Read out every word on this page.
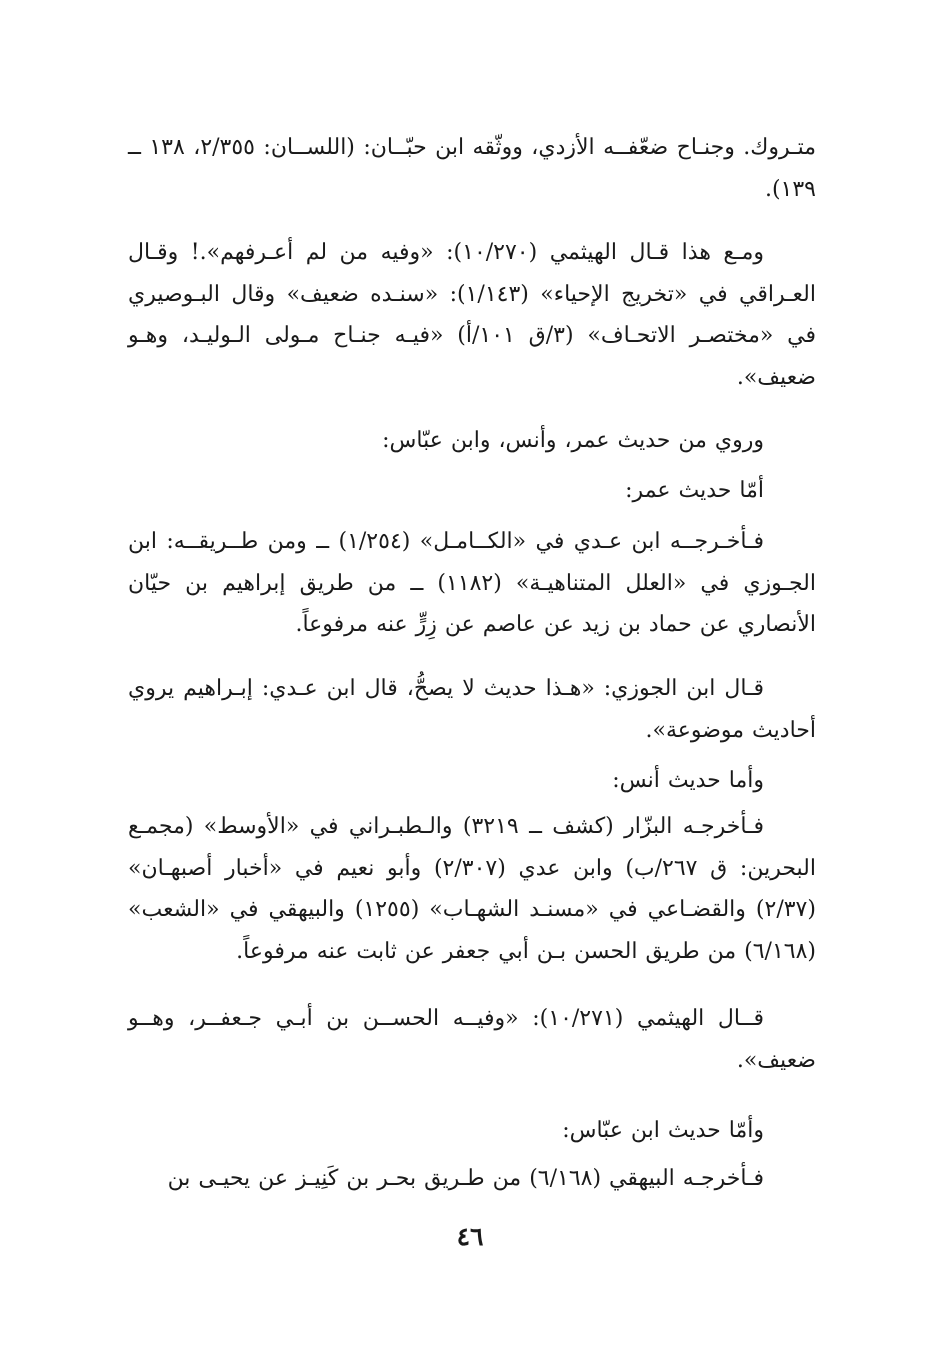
متـروك. وجنـاح ضعّفــه الأزدي، ووثّقه ابن حبّــان: (اللســان: ٢/٣٥٥، ١٣٨ ــ ١٣٩).

ومـع هذا قـال الهيثمي (١٠/٢٧٠): «وفيه من لم أعـرفهم».! وقـال العـراقي في «تخريج الإحياء» (١/١٤٣): «سنـده ضعيف» وقال البـوصيري في «مختصـر الاتحـاف» (٣/ق ١٠١/أ) «فيـه جنـاح مـولى الـوليـد، وهـو ضعيف».

وروي من حديث عمر، وأنس، وابن عبّاس:

أمّا حديث عمر:

فـأخـرجــه ابن عـدي في «الكــامـل» (١/٢٥٤) ــ ومن طــريقــه: ابن الجـوزي في «العلل المتناهيـة» (١١٨٢) ــ من طريق إبراهيم بن حيّان الأنصاري عن حماد بن زيد عن عاصم عن زِرٍّ عنه مرفوعاً.

قـال ابن الجوزي: «هـذا حديث لا يصحُّ، قال ابن عـدي: إبـراهيم يروي أحاديث موضوعة».

وأما حديث أنس:

فـأخرجـه البزّار (كشف ــ ٣٢١٩) والـطبـراني في «الأوسط» (مجمـع البحرين: ق ٢٦٧/ب) وابن عدي (٢/٣٠٧) وأبو نعيم في «أخبار أصبهـان» (٢/٣٧) والقضـاعي في «مسنـد الشهـاب» (١٢٥٥) والبيهقي في «الشعب» (٦/١٦٨) من طريق الحسن بـن أبي جعفر عن ثابت عنه مرفوعاً.

قــال الهيثمي (١٠/٢٧١): «وفيــه الحســن بن أبـي جـعفــر، وهــو ضعيف».

وأمّا حديث ابن عبّاس:

فـأخرجـه البيهقي (٦/١٦٨) من طـريق بحـر بن كَنِيـز عن يحيـى بن

٤٦
